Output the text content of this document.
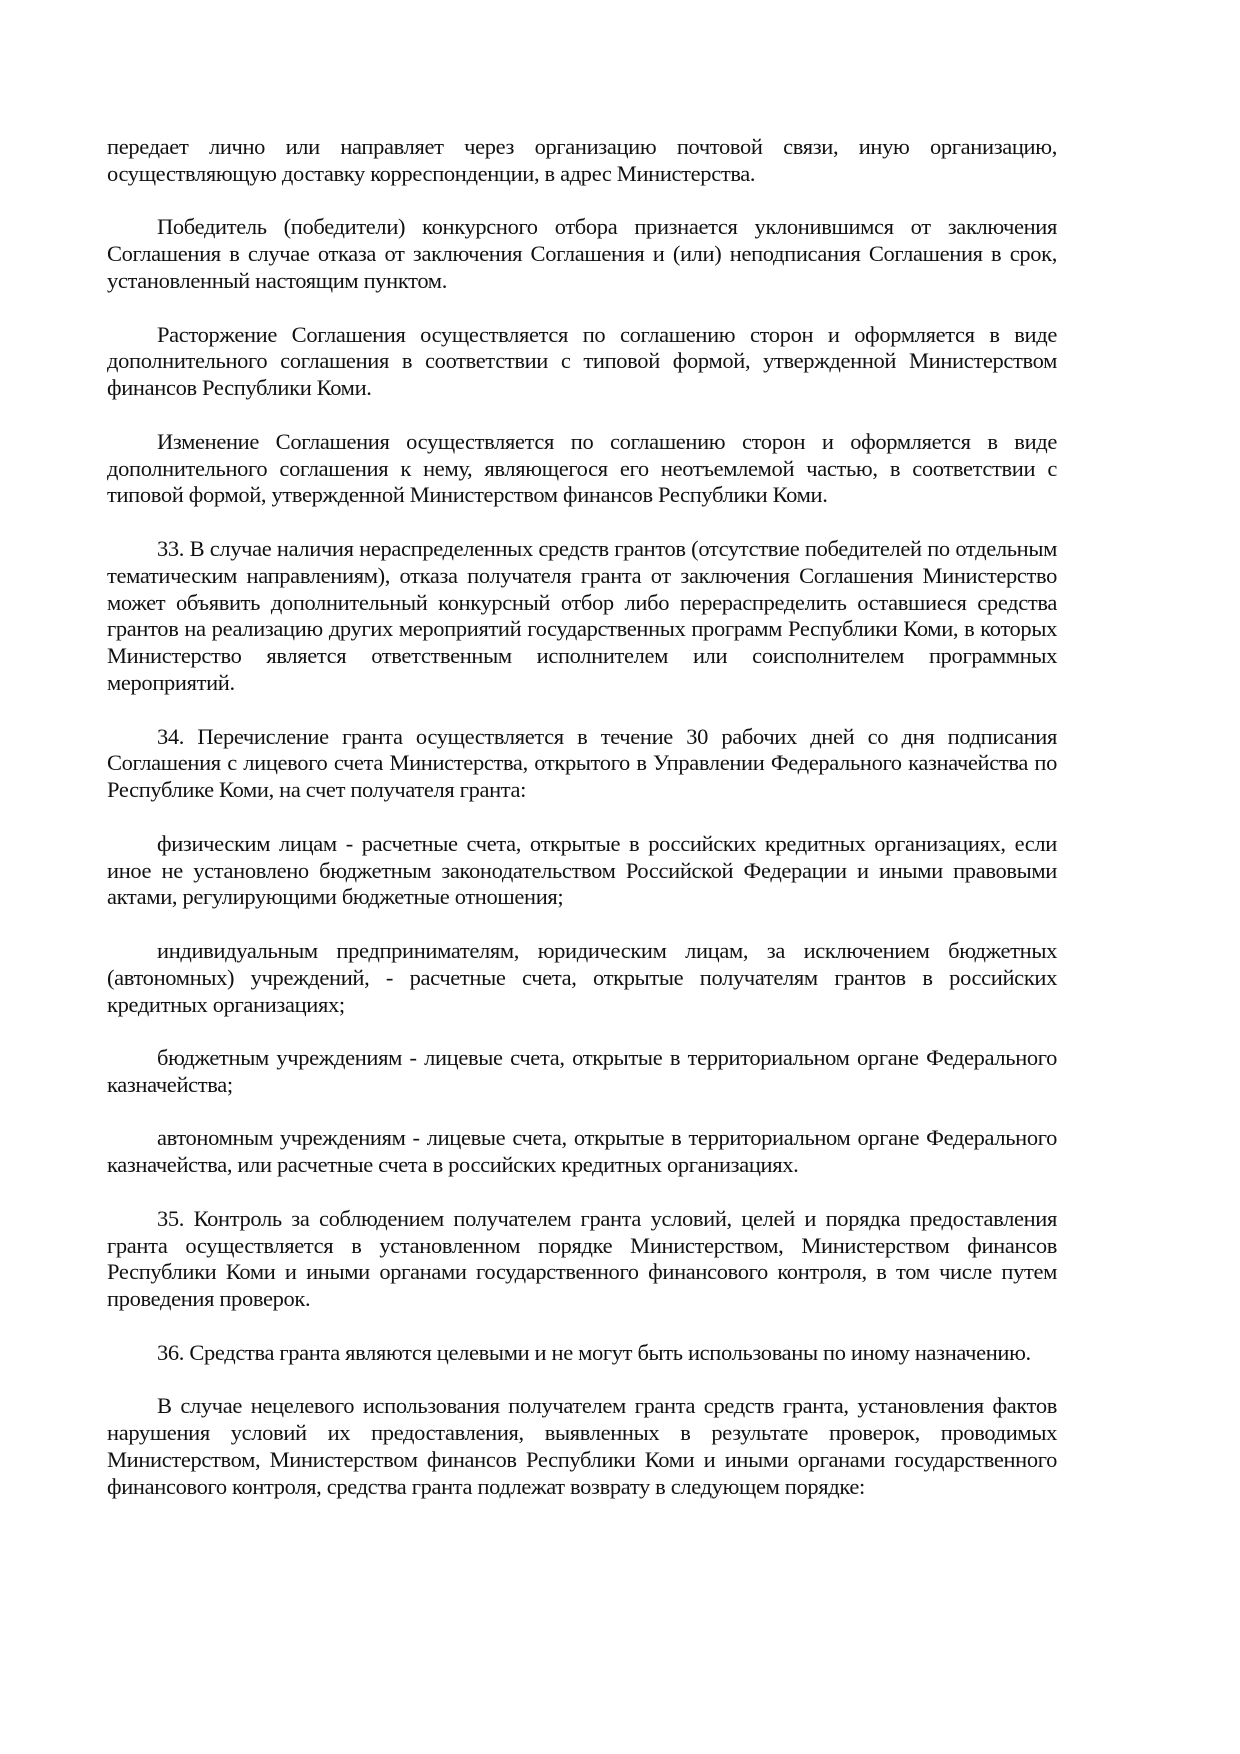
передает лично или направляет через организацию почтовой связи, иную организацию, осуществляющую доставку корреспонденции, в адрес Министерства.

Победитель (победители) конкурсного отбора признается уклонившимся от заключения Соглашения в случае отказа от заключения Соглашения и (или) неподписания Соглашения в срок, установленный настоящим пунктом.

Расторжение Соглашения осуществляется по соглашению сторон и оформляется в виде дополнительного соглашения в соответствии с типовой формой, утвержденной Министерством финансов Республики Коми.

Изменение Соглашения осуществляется по соглашению сторон и оформляется в виде дополнительного соглашения к нему, являющегося его неотъемлемой частью, в соответствии с типовой формой, утвержденной Министерством финансов Республики Коми.

33. В случае наличия нераспределенных средств грантов (отсутствие победителей по отдельным тематическим направлениям), отказа получателя гранта от заключения Соглашения Министерство может объявить дополнительный конкурсный отбор либо перераспределить оставшиеся средства грантов на реализацию других мероприятий государственных программ Республики Коми, в которых Министерство является ответственным исполнителем или соисполнителем программных мероприятий.

34. Перечисление гранта осуществляется в течение 30 рабочих дней со дня подписания Соглашения с лицевого счета Министерства, открытого в Управлении Федерального казначейства по Республике Коми, на счет получателя гранта:

физическим лицам - расчетные счета, открытые в российских кредитных организациях, если иное не установлено бюджетным законодательством Российской Федерации и иными правовыми актами, регулирующими бюджетные отношения;

индивидуальным предпринимателям, юридическим лицам, за исключением бюджетных (автономных) учреждений, - расчетные счета, открытые получателям грантов в российских кредитных организациях;

бюджетным учреждениям - лицевые счета, открытые в территориальном органе Федерального казначейства;

автономным учреждениям - лицевые счета, открытые в территориальном органе Федерального казначейства, или расчетные счета в российских кредитных организациях.

35. Контроль за соблюдением получателем гранта условий, целей и порядка предоставления гранта осуществляется в установленном порядке Министерством, Министерством финансов Республики Коми и иными органами государственного финансового контроля, в том числе путем проведения проверок.

36. Средства гранта являются целевыми и не могут быть использованы по иному назначению.

В случае нецелевого использования получателем гранта средств гранта, установления фактов нарушения условий их предоставления, выявленных в результате проверок, проводимых Министерством, Министерством финансов Республики Коми и иными органами государственного финансового контроля, средства гранта подлежат возврату в следующем порядке:
